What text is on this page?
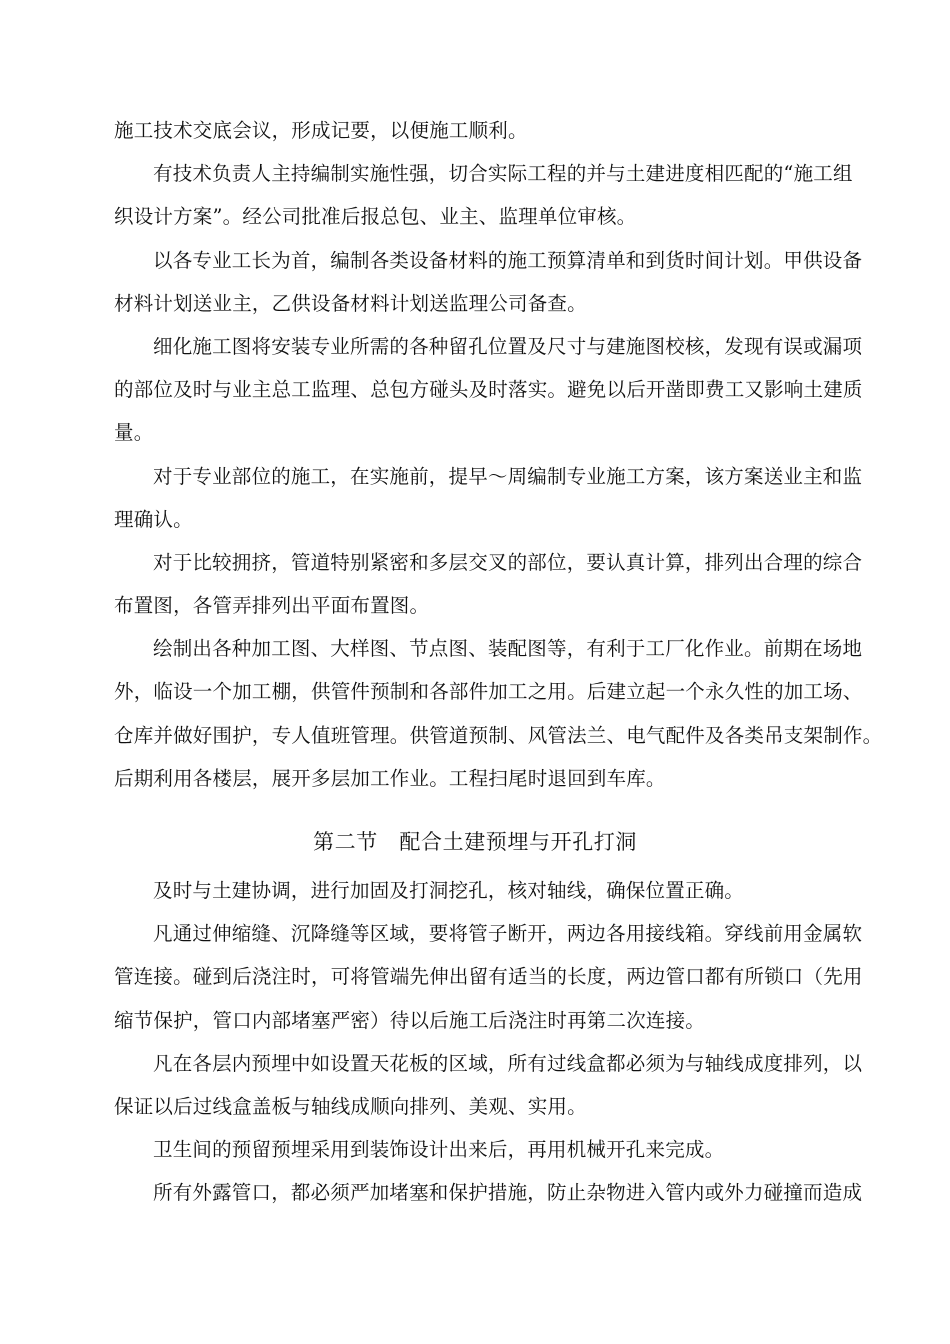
施工技术交底会议，形成记要，以便施工顺利。
有技术负责人主持编制实施性强，切合实际工程的并与土建进度相匹配的“施工组
织设计方案”。经公司批准后报总包、业主、监理单位审核。
以各专业工长为首，编制各类设备材料的施工预算清单和到货时间计划。甲供设备
材料计划送业主，乙供设备材料计划送监理公司备查。
细化施工图将安装专业所需的各种留孔位置及尺寸与建施图校核，发现有误或漏项
的部位及时与业主总工监理、总包方碰头及时落实。避免以后开凿即费工又影响土建质
量。
对于专业部位的施工，在实施前，提早～周编制专业施工方案，该方案送业主和监
理确认。
对于比较拥挤，管道特别紧密和多层交叉的部位，要认真计算，排列出合理的综合
布置图，各管弄排列出平面布置图。
绘制出各种加工图、大样图、节点图、装配图等，有利于工厂化作业。前期在场地
外，临设一个加工棚，供管件预制和各部件加工之用。后建立起一个永久性的加工场、
仓库并做好围护，专人值班管理。供管道预制、风管法兰、电气配件及各类吊支架制作。
后期利用各楼层，展开多层加工作业。工程扫尾时退回到车库。
第二节　配合土建预埋与开孔打洞
及时与土建协调，进行加固及打洞挖孔，核对轴线，确保位置正确。
凡通过伸缩缝、沉降缝等区域，要将管子断开，两边各用接线箱。穿线前用金属软
管连接。碰到后浇注时，可将管端先伸出留有适当的长度，两边管口都有所锁口（先用
缩节保护，管口内部堵塞严密）待以后施工后浇注时再第二次连接。
凡在各层内预埋中如设置天花板的区域，所有过线盒都必须为与轴线成度排列，以
保证以后过线盒盖板与轴线成顺向排列、美观、实用。
卫生间的预留预埋采用到装饰设计出来后，再用机械开孔来完成。
所有外露管口，都必须严加堵塞和保护措施，防止杂物进入管内或外力碰撞而造成
